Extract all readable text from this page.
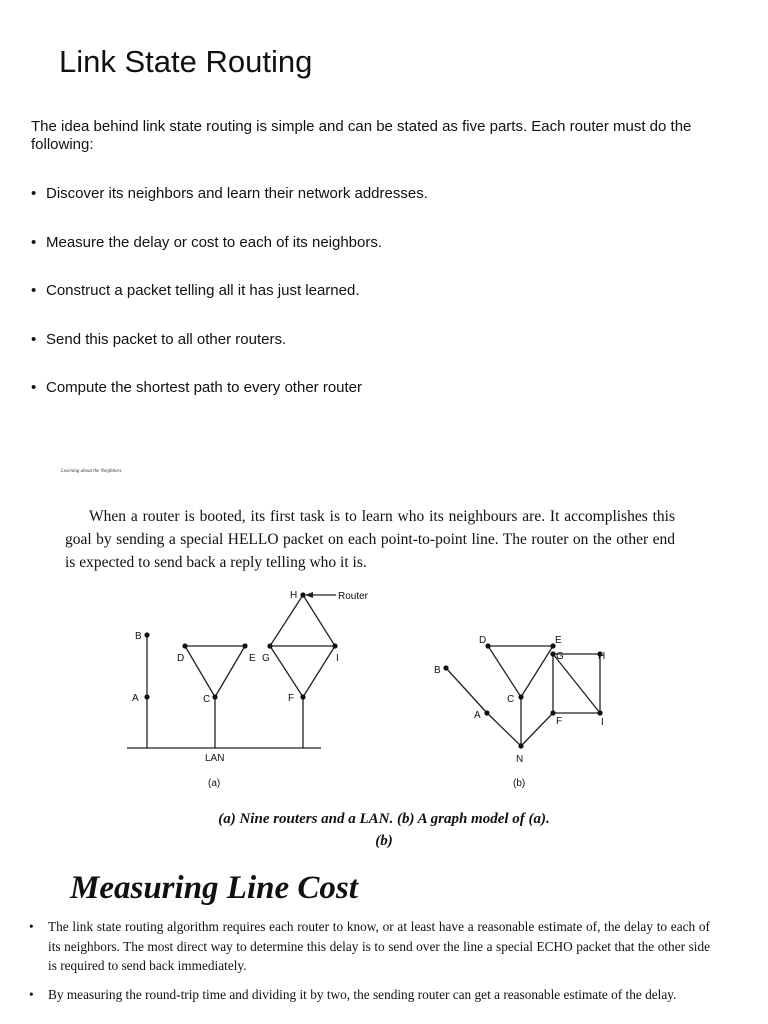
Link State Routing
The idea behind link state routing is simple and can be stated as five parts. Each router must do the following:
• Discover its neighbors and learn their network addresses.
• Measure the delay or cost to each of its neighbors.
• Construct a packet telling all it has just learned.
• Send this packet to all other routers.
• Compute the shortest path to every other router
Learning about the Neighbors
When a router is booted, its first task is to learn who its neighbours are. It accomplishes this goal by sending a special HELLO packet on each point-to-point line. The router on the other end is expected to send back a reply telling who it is.
B
A
D
C
E G
H
F
I
Router
LAN
(a)
B
A
D
C
E
G	H
F	I
N
(b)
(a) Nine routers and a LAN. (b) A graph model of (a).
(b)
Measuring Line Cost
• The link state routing algorithm requires each router to know, or at least have a reasonable estimate of, the delay to each of its neighbors. The most direct way to determine this delay is to send over the line a special ECHO packet that the other side is required to send back immediately.
• By measuring the round-trip time and dividing it by two, the sending router can get a reasonable estimate of the delay.
